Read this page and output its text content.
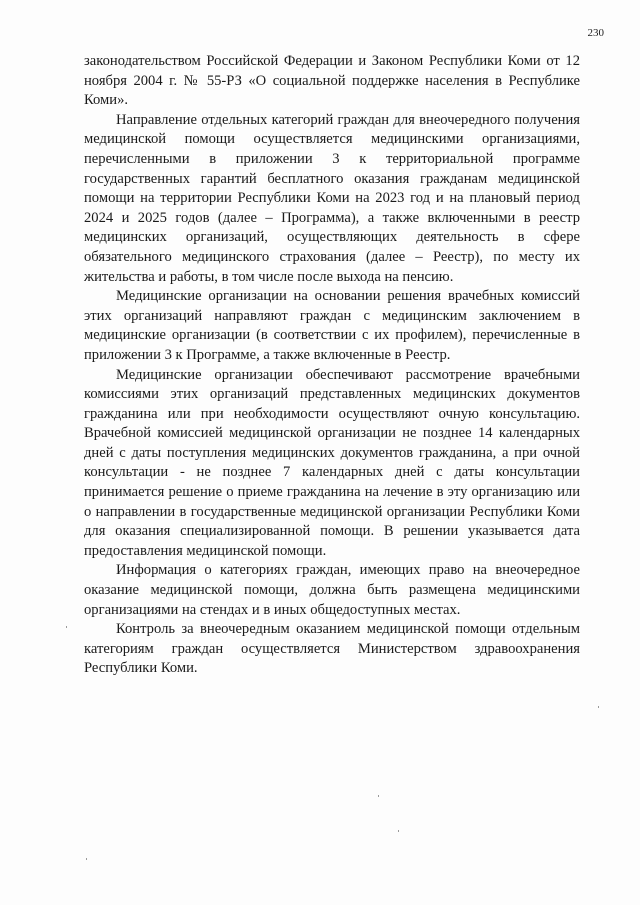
230

законодательством Российской Федерации и Законом Республики Коми от 12 ноября 2004 г. № 55-РЗ «О социальной поддержке населения в Республике Коми».

Направление отдельных категорий граждан для внеочередного получения медицинской помощи осуществляется медицинскими организациями, перечисленными в приложении 3 к территориальной программе государственных гарантий бесплатного оказания гражданам медицинской помощи на территории Республики Коми на 2023 год и на плановый период 2024 и 2025 годов (далее – Программа), а также включенными в реестр медицинских организаций, осуществляющих деятельность в сфере обязательного медицинского страхования (далее – Реестр), по месту их жительства и работы, в том числе после выхода на пенсию.

Медицинские организации на основании решения врачебных комиссий этих организаций направляют граждан с медицинским заключением в медицинские организации (в соответствии с их профилем), перечисленные в приложении 3 к Программе, а также включенные в Реестр.

Медицинские организации обеспечивают рассмотрение врачебными комиссиями этих организаций представленных медицинских документов гражданина или при необходимости осуществляют очную консультацию. Врачебной комиссией медицинской организации не позднее 14 календарных дней с даты поступления медицинских документов гражданина, а при очной консультации - не позднее 7 календарных дней с даты консультации принимается решение о приеме гражданина на лечение в эту организацию или о направлении в государственные медицинской организации Республики Коми для оказания специализированной помощи. В решении указывается дата предоставления медицинской помощи.

Информация о категориях граждан, имеющих право на внеочередное оказание медицинской помощи, должна быть размещена медицинскими организациями на стендах и в иных общедоступных местах.

Контроль за внеочередным оказанием медицинской помощи отдельным категориям граждан осуществляется Министерством здравоохранения Республики Коми.
